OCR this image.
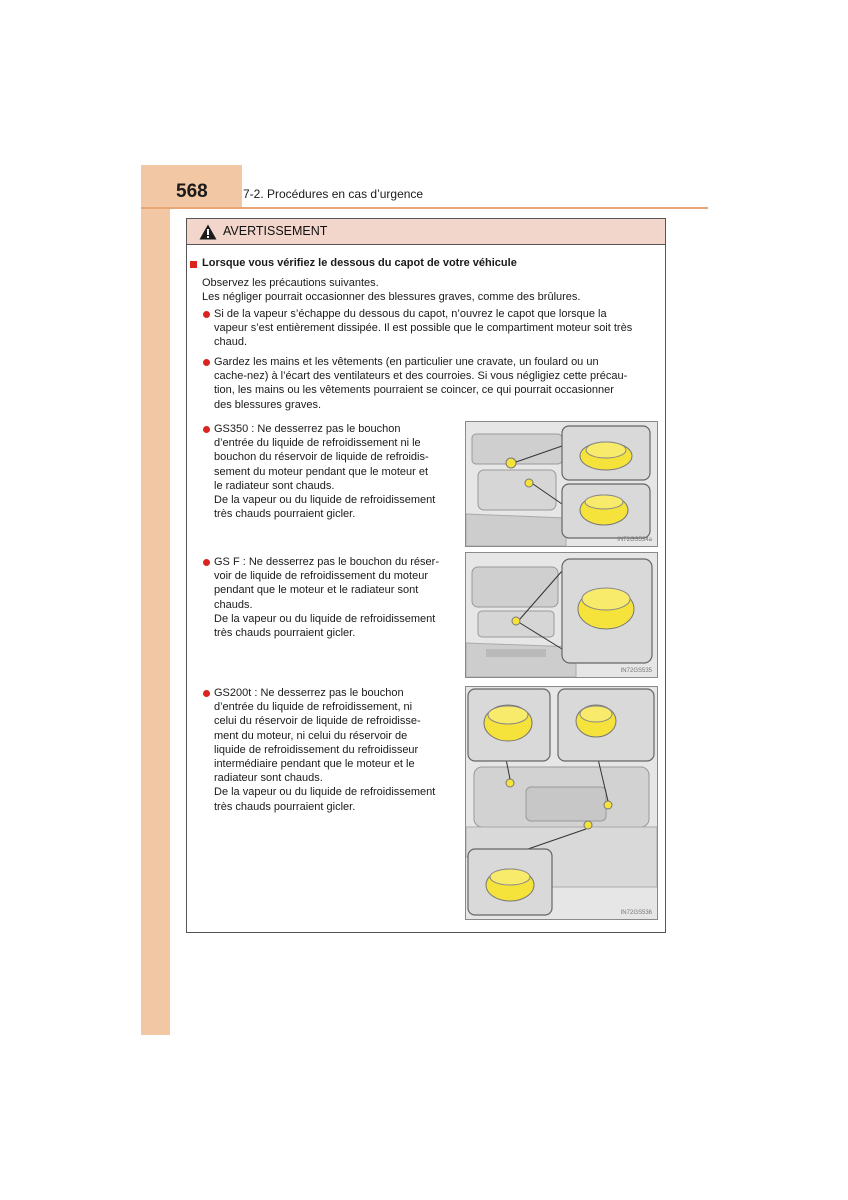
568	7-2. Procédures en cas d’urgence
AVERTISSEMENT
Lorsque vous vérifiez le dessous du capot de votre véhicule
Observez les précautions suivantes.
Les négliger pourrait occasionner des blessures graves, comme des brûlures.
Si de la vapeur s’échappe du dessous du capot, n’ouvrez le capot que lorsque la
vapeur s’est entièrement dissipée. Il est possible que le compartiment moteur soit très
chaud.
Gardez les mains et les vêtements (en particulier une cravate, un foulard ou un
cache-nez) à l’écart des ventilateurs et des courroies. Si vous négligiez cette précau-
tion, les mains ou les vêtements pourraient se coincer, ce qui pourrait occasionner
des blessures graves.
GS350 : Ne desserrez pas le bouchon
d’entrée du liquide de refroidissement ni le
bouchon du réservoir de liquide de refroidis-
sement du moteur pendant que le moteur et
le radiateur sont chauds.
De la vapeur ou du liquide de refroidissement
très chauds pourraient gicler.
IN72GS534a
GS F : Ne desserrez pas le bouchon du réser-
voir de liquide de refroidissement du moteur
pendant que le moteur et le radiateur sont
chauds.
De la vapeur ou du liquide de refroidissement
très chauds pourraient gicler.
IN72GS535
GS200t : Ne desserrez pas le bouchon
d’entrée du liquide de refroidissement, ni
celui du réservoir de liquide de refroidisse-
ment du moteur, ni celui du réservoir de
liquide de refroidissement du refroidisseur
intermédiaire pendant que le moteur et le
radiateur sont chauds.
De la vapeur ou du liquide de refroidissement
très chauds pourraient gicler.
IN72GS536
